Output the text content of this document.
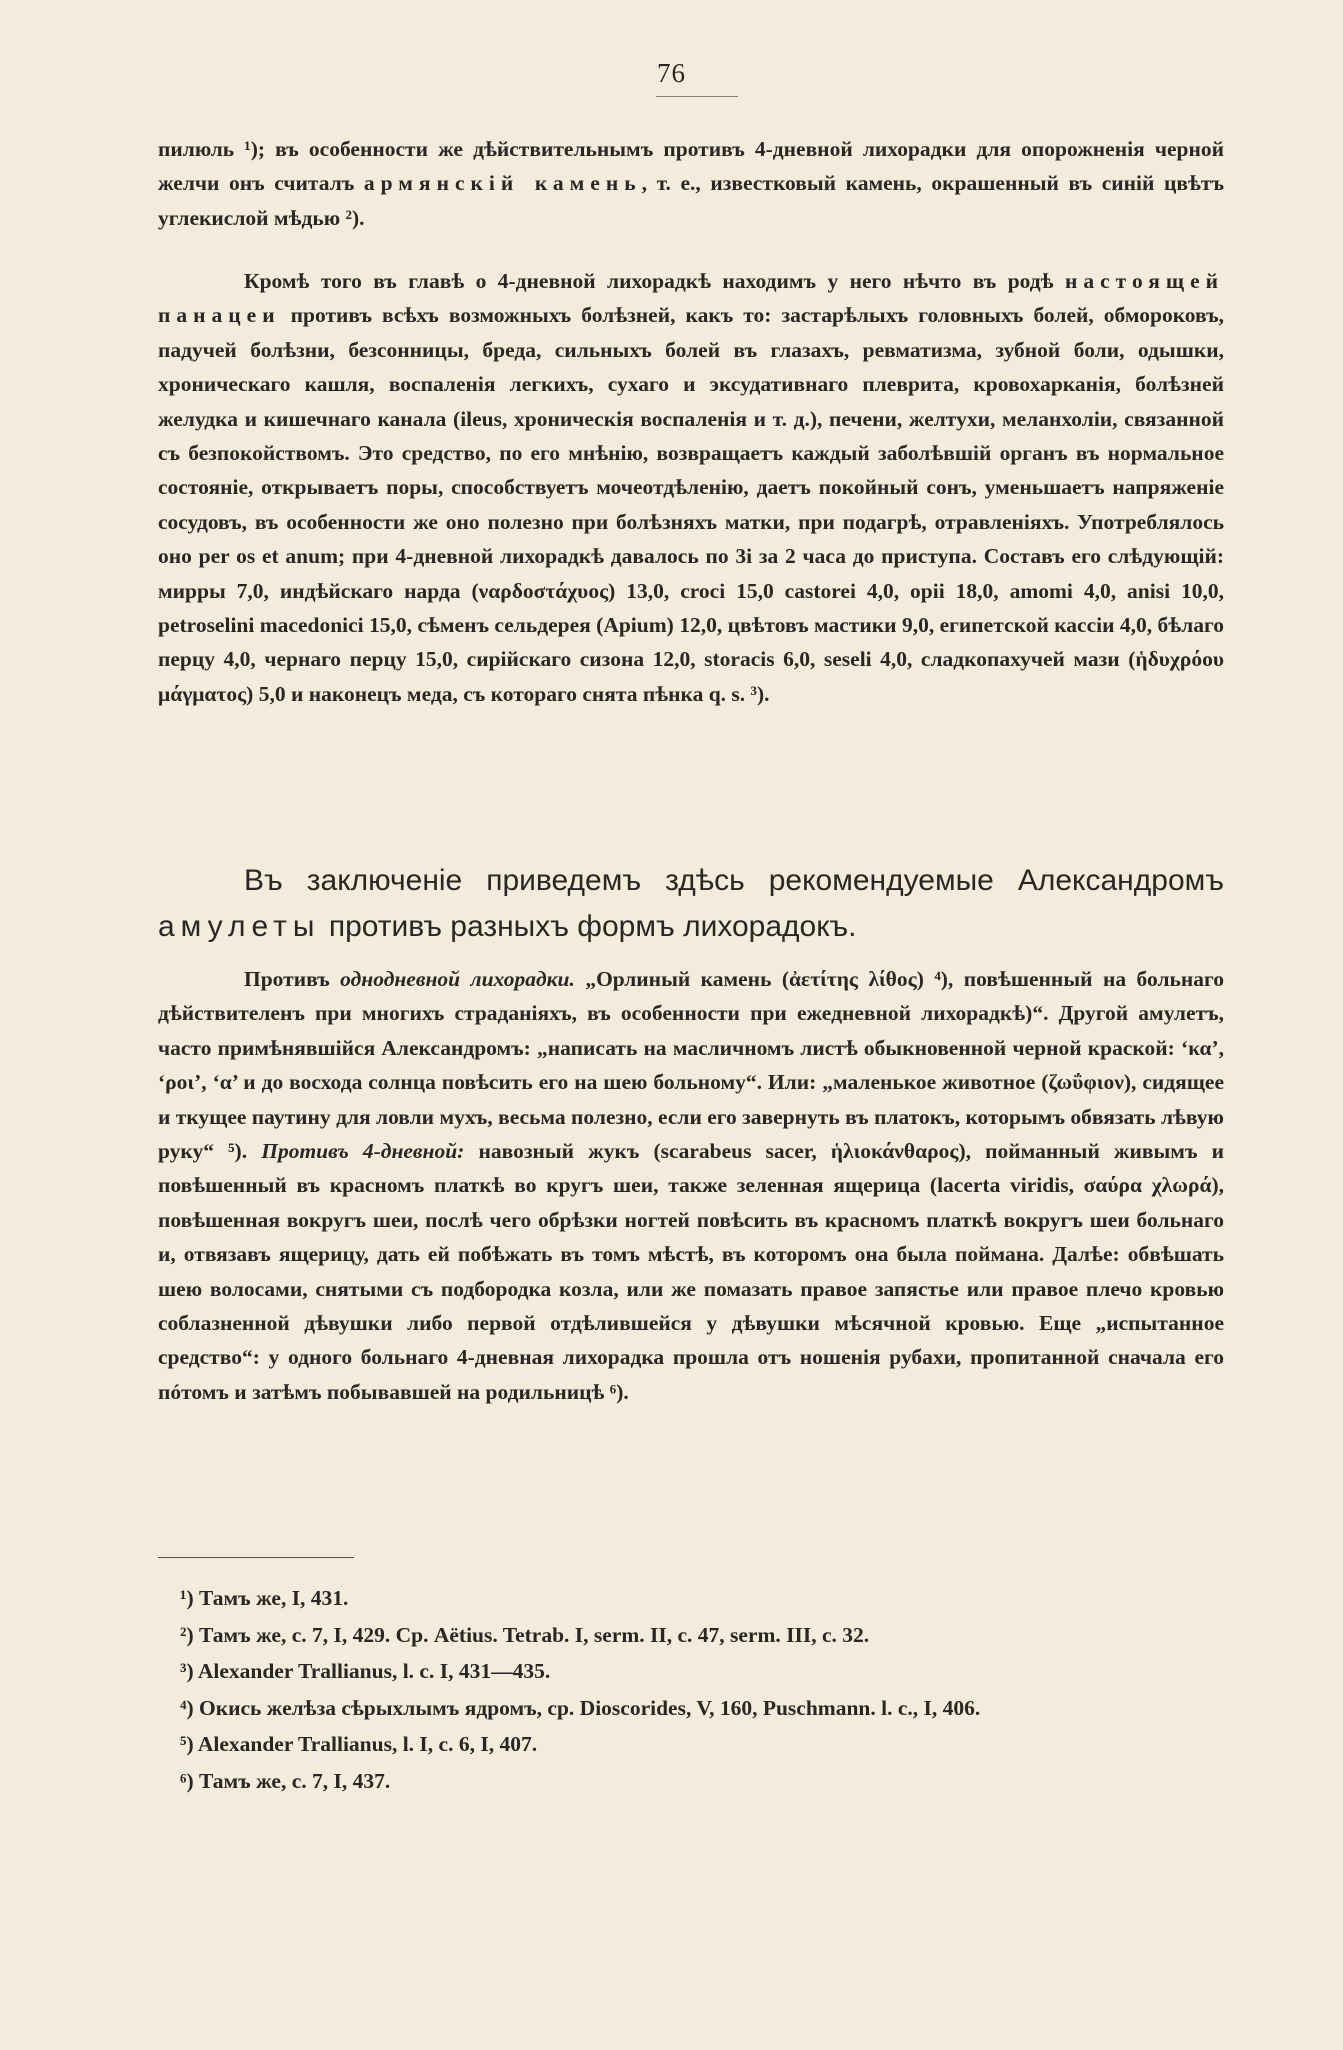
76

пилюль ¹); въ особенности же дѣйствительнымъ противъ 4-дневной лихорадки для опорожненія черной желчи онъ считалъ армянскій камень, т. е., известковый камень, окрашенный въ синій цвѣтъ углекислой мѣдью ²).

Кромѣ того въ главѣ о 4-дневной лихорадкѣ находимъ у него нѣчто въ родѣ настоящей панацеи противъ всѣхъ возможныхъ болѣзней, какъ то: застарѣлыхъ головныхъ болей, обмороковъ, падучей болѣзни, безсонницы, бреда, сильныхъ болей въ глазахъ, ревматизма, зубной боли, одышки, хроническаго кашля, воспаленія легкихъ, сухаго и эксудативнаго плеврита, кровохарканія, болѣзней желудка и кишечнаго канала (ileus, хроническія воспаленія и т. д.), печени, желтухи, меланхоліи, связанной съ безпокойствомъ. Это средство, по его мнѣнію, возвращаетъ каждый заболѣвшій органъ въ нормальное состояніе, открываетъ поры, способствуетъ мочеотдѣленію, даетъ покойный сонъ, уменьшаетъ напряженіе сосудовъ, въ особенности же оно полезно при болѣзняхъ матки, при подагрѣ, отравленіяхъ. Употреблялось оно per os et anum; при 4-дневной лихорадкѣ давалось по 3i за 2 часа до приступа. Составъ его слѣдующій: мирры 7,0, индѣйскаго нарда (ναρδοστάχυος) 13,0, croci 15,0 castorei 4,0, opii 18,0, amomi 4,0, anisi 10,0, petroselini macedonici 15,0, сѣменъ сельдерея (Apium) 12,0, цвѣтовъ мастики 9,0, египетской кассіи 4,0, бѣлаго перцу 4,0, чернаго перцу 15,0, сирійскаго сизона 12,0, storacis 6,0, seseli 4,0, сладкопахучей мази (ἡδυχρόου μάγματος) 5,0 и наконецъ меда, съ котораго снята пѣнка q. s. ³).

Въ заключеніе приведемъ здѣсь рекомендуемые Александромъ амулеты противъ разныхъ формъ лихорадокъ.

Противъ однодневной лихорадки. „Орлиный камень (ἀετίτης λίθος) ⁴), повѣшенный на больнаго дѣйствителенъ при многихъ страданіяхъ, въ особенности при ежедневной лихорадкѣ)“. Другой амулетъ, часто примѣнявшійся Александромъ: „написать на масличномъ листѣ обыкновенной черной краской: ‘κα’, ‘ροι’, ‘α’ и до восхода солнца повѣсить его на шею больному“. Или: „маленькое животное (ζωΰφιον), сидящее и ткущее паутину для ловли мухъ, весьма полезно, если его завернуть въ платокъ, которымъ обвязать лѣвую руку“ ⁵). Противъ 4-дневной: навозный жукъ (scarabeus sacer, ἡλιοκάνθαρος), пойманный живымъ и повѣшенный въ красномъ платкѣ во кругъ шеи, также зеленная ящерица (lacerta viridis, σαύρα χλωρά), повѣшенная вокругъ шеи, послѣ чего обрѣзки ногтей повѣсить въ красномъ платкѣ вокругъ шеи больнаго и, отвязавъ ящерицу, дать ей побѣжать въ томъ мѣстѣ, въ которомъ она была поймана. Далѣе: обвѣшать шею волосами, снятыми съ подбородка козла, или же помазать правое запястье или правое плечо кровью соблазненной дѣвушки либо первой отдѣлившейся у дѣвушки мѣсячной кровью. Еще „испытанное средство“: у одного больнаго 4-дневная лихорадка прошла отъ ношенія рубахи, пропитанной сначала его пóтомъ и затѣмъ побывавшей на родильницѣ ⁶).

¹) Тамъ же, I, 431.

²) Тамъ же, с. 7, I, 429. Ср. Aëtius. Tetrab. I, serm. II, c. 47, serm. III, c. 32.

³) Alexander Trallianus, l. c. I, 431—435.

⁴) Окись желѣза сѣрыхлымъ ядромъ, ср. Dioscorides, V, 160, Puschmann. l. c., I, 406.

⁵) Alexander Trallianus, l. I, c. 6, I, 407.

⁶) Тамъ же, с. 7, I, 437.
